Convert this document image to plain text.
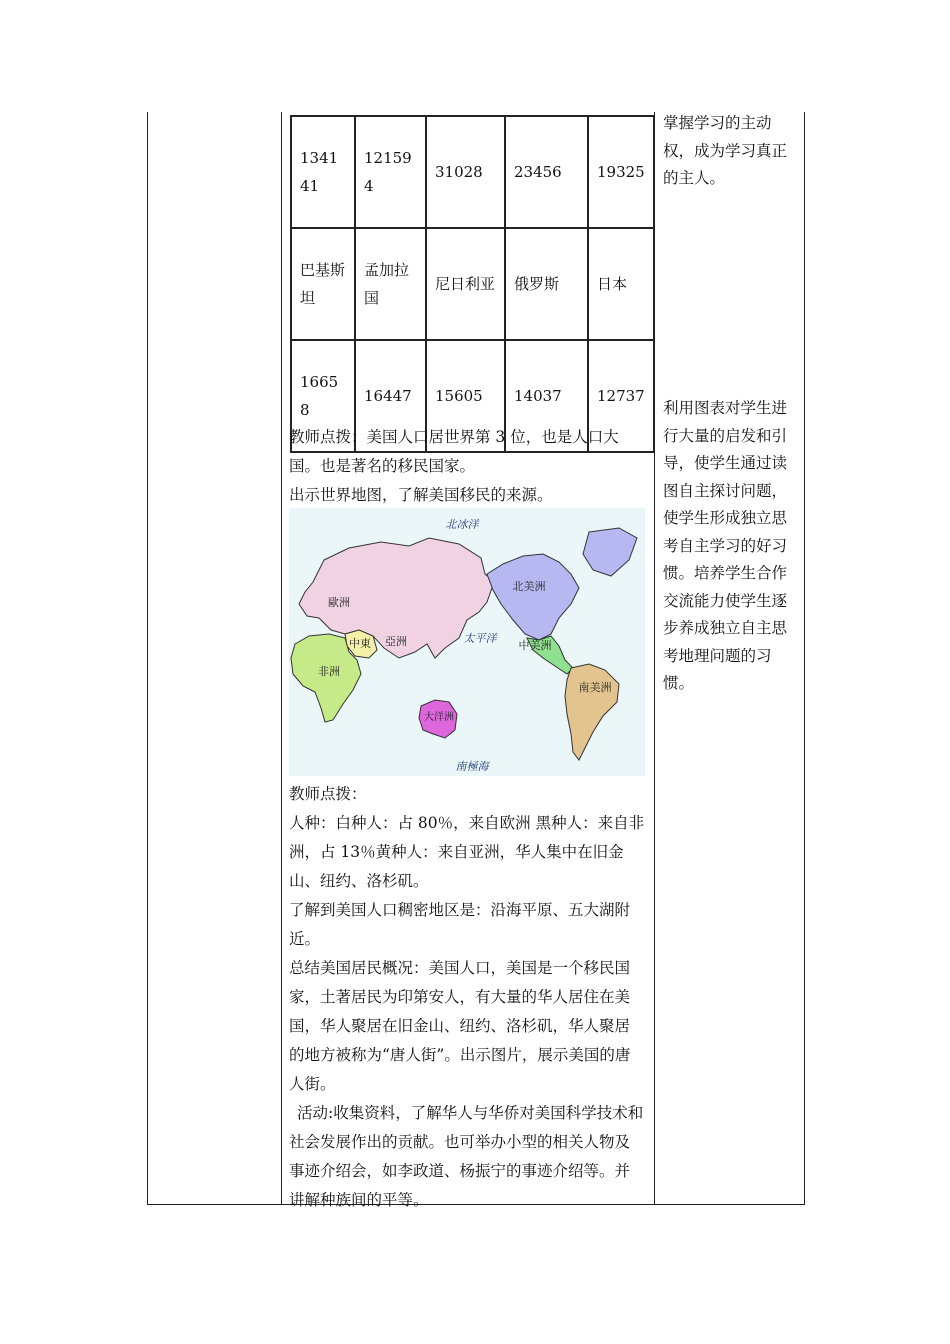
134141	121594	31028	23456	19325
巴基斯坦	孟加拉国	尼日利亚	俄罗斯	日本
16658	16447	15605	14037	12737

教师点拨：美国人口居世界第 3 位，也是人口大国。也是著名的移民国家。

出示世界地图，了解美国移民的来源。

北冰洋
歐洲
亞洲
中東
非洲
大洋洲
太平洋
北美洲
中美洲
南美洲
南極海

教师点拨：

人种：白种人：占 80％，来自欧洲 黑种人：来自非洲，占 13％黄种人：来自亚洲，华人集中在旧金山、纽约、洛杉矶。

了解到美国人口稠密地区是：沿海平原、五大湖附近。

总结美国居民概况：美国人口，美国是一个移民国家，土著居民为印第安人，有大量的华人居住在美国，华人聚居在旧金山、纽约、洛杉矶，华人聚居的地方被称为“唐人街”。出示图片，展示美国的唐人街。

活动:收集资料，了解华人与华侨对美国科学技术和社会发展作出的贡献。也可举办小型的相关人物及事迹介绍会，如李政道、杨振宁的事迹介绍等。并讲解种族间的平等。

掌握学习的主动权，成为学习真正的主人。

利用图表对学生进行大量的启发和引导，使学生通过读图自主探讨问题，使学生形成独立思考自主学习的好习惯。培养学生合作交流能力使学生逐步养成独立自主思考地理问题的习惯。
